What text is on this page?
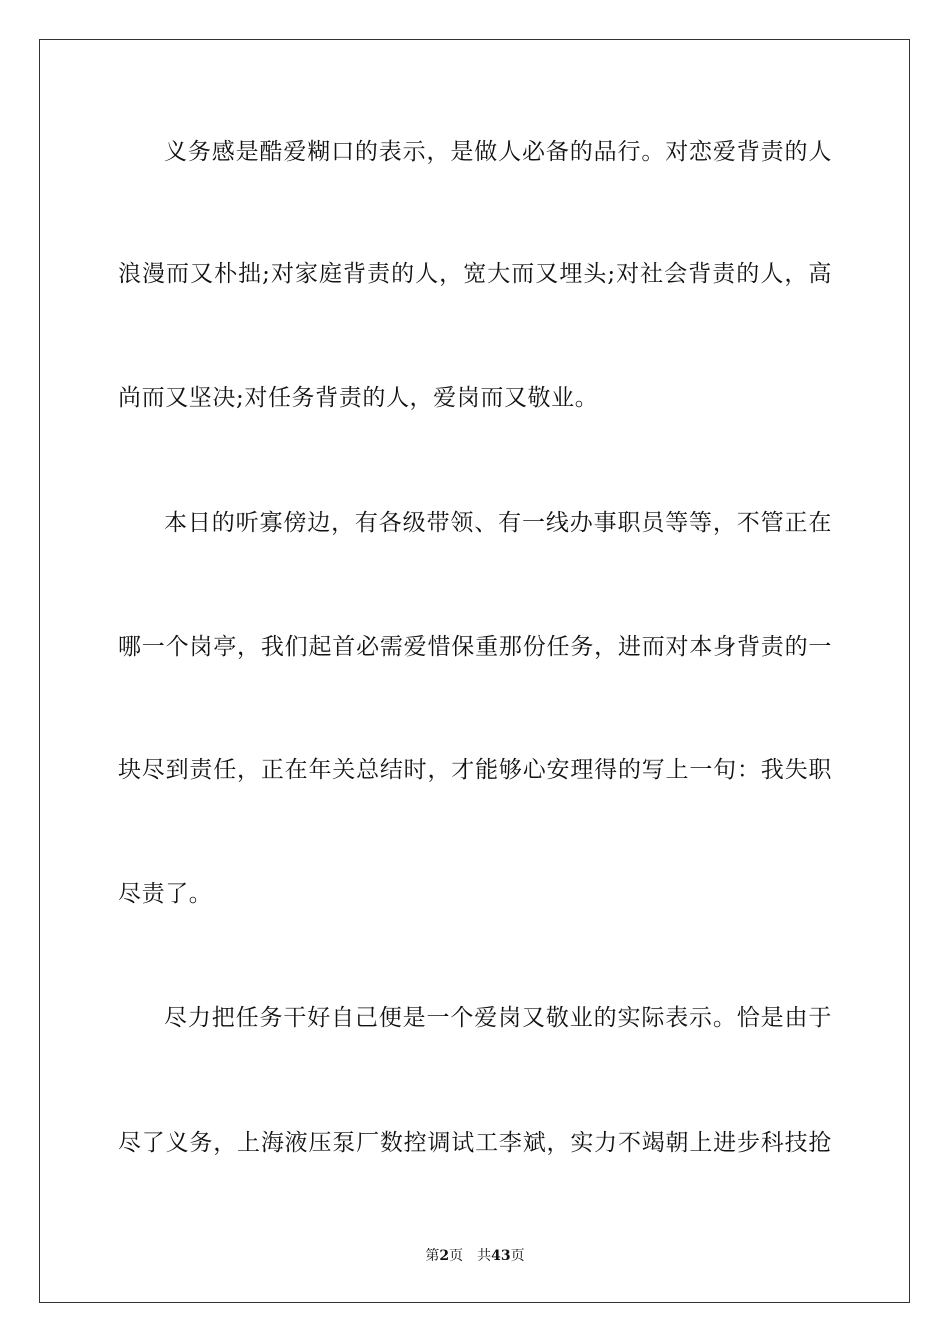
义务感是酷爱糊口的表示，是做人必备的品行。对恋爱背责的人
浪漫而又朴拙;对家庭背责的人，宽大而又埋头;对社会背责的人，高
尚而又坚决;对任务背责的人，爱岗而又敬业。
本日的听寡傍边，有各级带领、有一线办事职员等等，不管正在
哪一个岗亭，我们起首必需爱惜保重那份任务，进而对本身背责的一
块尽到责任，正在年关总结时，才能够心安理得的写上一句：我失职
尽责了。
尽力把任务干好自己便是一个爱岗又敬业的实际表示。恰是由于
尽了义务，上海液压泵厂数控调试工李斌，实力不竭朝上进步科技抢
第2页 共43页
